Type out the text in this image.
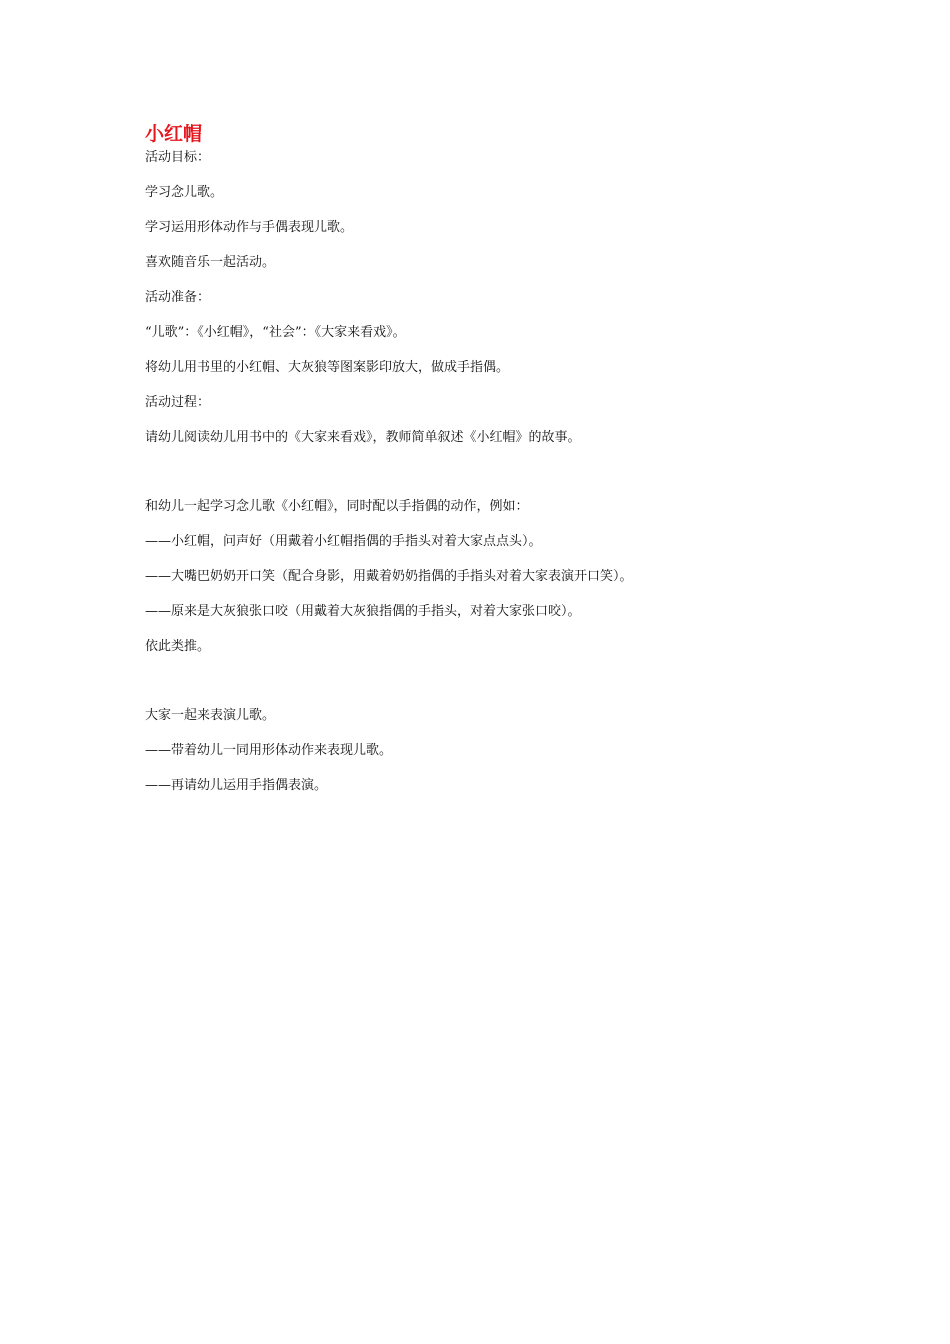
小红帽

活动目标：

学习念儿歌。

学习运用形体动作与手偶表现儿歌。

喜欢随音乐一起活动。

活动准备：

“儿歌”：《小红帽》，“社会”：《大家来看戏》。

将幼儿用书里的小红帽、大灰狼等图案影印放大，做成手指偶。

活动过程：

请幼儿阅读幼儿用书中的《大家来看戏》，教师简单叙述《小红帽》的故事。

和幼儿一起学习念儿歌《小红帽》，同时配以手指偶的动作，例如：

——小红帽，问声好（用戴着小红帽指偶的手指头对着大家点点头）。

——大嘴巴奶奶开口笑（配合身影，用戴着奶奶指偶的手指头对着大家表演开口笑）。

——原来是大灰狼张口咬（用戴着大灰狼指偶的手指头，对着大家张口咬）。

依此类推。

大家一起来表演儿歌。

——带着幼儿一同用形体动作来表现儿歌。

——再请幼儿运用手指偶表演。
